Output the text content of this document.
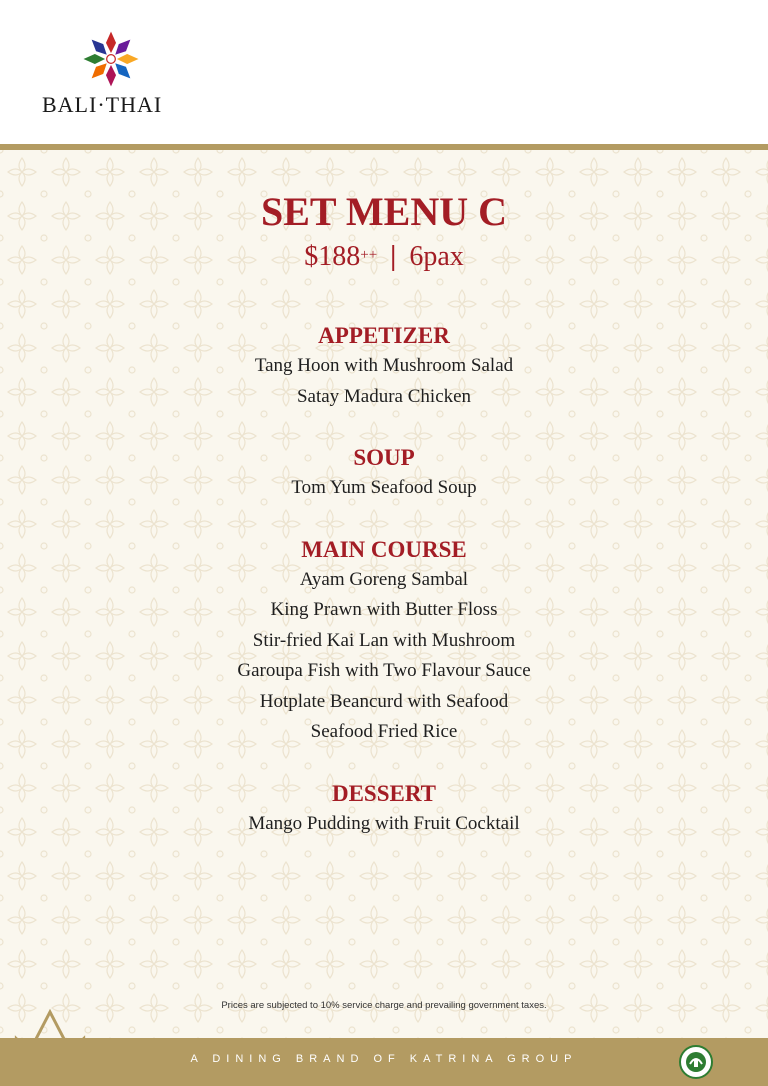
BALI·THAI
SET MENU C
$188++ | 6pax

APPETIZER

Tang Hoon with Mushroom Salad

Satay Madura Chicken

SOUP

Tom Yum Seafood Soup

MAIN COURSE

Ayam Goreng Sambal

King Prawn with Butter Floss

Stir-fried Kai Lan with Mushroom

Garoupa Fish with Two Flavour Sauce

Hotplate Beancurd with Seafood

Seafood Fried Rice

DESSERT

Mango Pudding with Fruit Cocktail

Prices are subjected to 10% service charge and prevailing government taxes.
A DINING BRAND OF KATRINA GROUP
